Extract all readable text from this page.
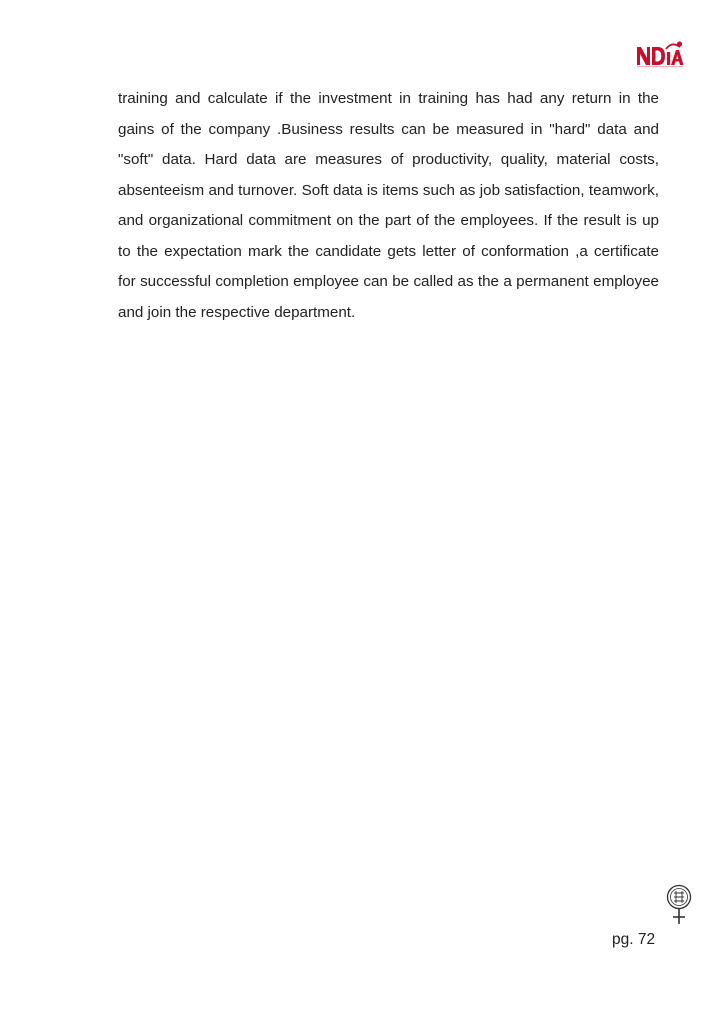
training and calculate if the investment in training has had any return in the gains of the company .Business results can be measured in "hard" data and "soft" data. Hard data are measures of productivity, quality, material costs, absenteeism and turnover. Soft data is items such as job satisfaction, teamwork, and organizational commitment on the part of the employees. If the result is up to the expectation mark the candidate gets letter of conformation ,a certificate for successful completion employee can be called as the a permanent employee and join the respective department.

pg. 72
